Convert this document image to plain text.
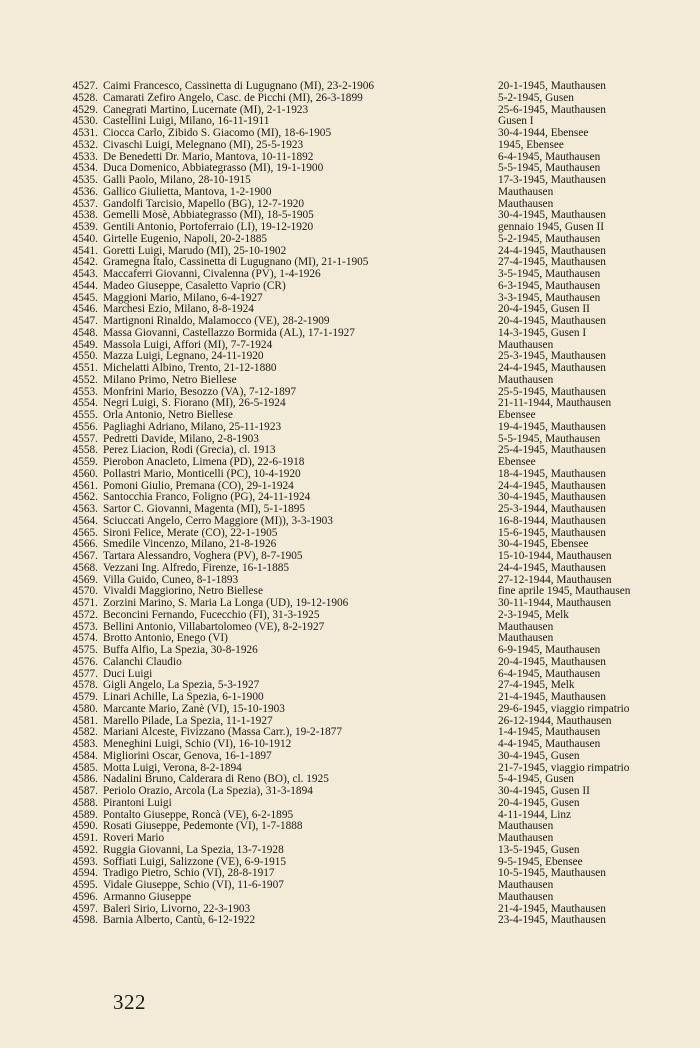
4527. Caimi Francesco, Cassinetta di Lugugnano (MI), 23-2-1906	20-1-1945, Mauthausen
4528. Camarati Zefiro Angelo, Casc. de Picchi (MI), 26-3-1899	5-2-1945, Gusen
4529. Canegrati Martino, Lucernate (MI), 2-1-1923	25-6-1945, Mauthausen
4530. Castellini Luigi, Milano, 16-11-1911	Gusen I
4531. Ciocca Carlo, Zibido S. Giacomo (MI), 18-6-1905	30-4-1944, Ebensee
4532. Civaschi Luigi, Melegnano (MI), 25-5-1923	1945, Ebensee
4533. De Benedetti Dr. Mario, Mantova, 10-11-1892	6-4-1945, Mauthausen
4534. Duca Domenico, Abbiategrasso (MI), 19-1-1900	5-5-1945, Mauthausen
4535. Galli Paolo, Milano, 28-10-1915	17-3-1945, Mauthausen
4536. Gallico Giulietta, Mantova, 1-2-1900	Mauthausen
4537. Gandolfi Tarcisio, Mapello (BG), 12-7-1920	Mauthausen
4538. Gemelli Mosè, Abbiategrasso (MI), 18-5-1905	30-4-1945, Mauthausen
4539. Gentili Antonio, Portoferraio (LI), 19-12-1920	gennaio 1945, Gusen II
4540. Girtelle Eugenio, Napoli, 20-2-1885	5-2-1945, Mauthausen
4541. Goretti Luigi, Marudo (MI), 25-10-1902	24-4-1945, Mauthausen
4542. Gramegna Italo, Cassinetta di Lugugnano (MI), 21-1-1905	27-4-1945, Mauthausen
4543. Maccaferri Giovanni, Civalenna (PV), 1-4-1926	3-5-1945, Mauthausen
4544. Madeo Giuseppe, Casaletto Vaprio (CR)	6-3-1945, Mauthausen
4545. Maggioni Mario, Milano, 6-4-1927	3-3-1945, Mauthausen
4546. Marchesi Ezio, Milano, 8-8-1924	20-4-1945, Gusen II
4547. Martignoni Rinaldo, Malamocco (VE), 28-2-1909	20-4-1945, Mauthausen
4548. Massa Giovanni, Castellazzo Bormida (AL), 17-1-1927	14-3-1945, Gusen I
4549. Massola Luigi, Affori (MI), 7-7-1924	Mauthausen
4550. Mazza Luigi, Legnano, 24-11-1920	25-3-1945, Mauthausen
4551. Michelatti Albino, Trento, 21-12-1880	24-4-1945, Mauthausen
4552. Milano Primo, Netro Biellese	Mauthausen
4553. Monfrini Mario, Besozzo (VA), 7-12-1897	25-5-1945, Mauthausen
4554. Negri Luigi, S. Fiorano (MI), 26-5-1924	21-11-1944, Mauthausen
4555. Orla Antonio, Netro Biellese	Ebensee
4556. Pagliaghi Adriano, Milano, 25-11-1923	19-4-1945, Mauthausen
4557. Pedretti Davide, Milano, 2-8-1903	5-5-1945, Mauthausen
4558. Perez Liacion, Rodi (Grecia), cl. 1913	25-4-1945, Mauthausen
4559. Pierobon Anacleto, Limena (PD), 22-6-1918	Ebensee
4560. Pollastri Mario, Monticelli (PC), 10-4-1920	18-4-1945, Mauthausen
4561. Pomoni Giulio, Premana (CO), 29-1-1924	24-4-1945, Mauthausen
4562. Santocchia Franco, Foligno (PG), 24-11-1924	30-4-1945, Mauthausen
4563. Sartor C. Giovanni, Magenta (MI), 5-1-1895	25-3-1944, Mauthausen
4564. Sciuccati Angelo, Cerro Maggiore (MI)), 3-3-1903	16-8-1944, Mauthausen
4565. Sironi Felice, Merate (CO), 22-1-1905	15-6-1945, Mauthausen
4566. Smedile Vincenzo, Milano, 21-8-1926	30-4-1945, Ebensee
4567. Tartara Alessandro, Voghera (PV), 8-7-1905	15-10-1944, Mauthausen
4568. Vezzani Ing. Alfredo, Firenze, 16-1-1885	24-4-1945, Mauthausen
4569. Villa Guido, Cuneo, 8-1-1893	27-12-1944, Mauthausen
4570. Vivaldi Maggiorino, Netro Biellese	fine aprile 1945, Mauthausen
4571. Zorzini Marino, S. Maria La Longa (UD), 19-12-1906	30-11-1944, Mauthausen
4572. Beconcini Fernando, Fucecchio (FI), 31-3-1925	2-3-1945, Melk
4573. Bellini Antonio, Villabartolomeo (VE), 8-2-1927	Mauthausen
4574. Brotto Antonio, Enego (VI)	Mauthausen
4575. Buffa Alfio, La Spezia, 30-8-1926	6-9-1945, Mauthausen
4576. Calanchi Claudio	20-4-1945, Mauthausen
4577. Duci Luigi	6-4-1945, Mauthausen
4578. Gigli Angelo, La Spezia, 5-3-1927	27-4-1945, Melk
4579. Linari Achille, La Spezia, 6-1-1900	21-4-1945, Mauthausen
4580. Marcante Mario, Zanè (VI), 15-10-1903	29-6-1945, viaggio rimpatrio
4581. Marello Pilade, La Spezia, 11-1-1927	26-12-1944, Mauthausen
4582. Mariani Alceste, Fivizzano (Massa Carr.), 19-2-1877	1-4-1945, Mauthausen
4583. Meneghini Luigi, Schio (VI), 16-10-1912	4-4-1945, Mauthausen
4584. Migliorini Oscar, Genova, 16-1-1897	30-4-1945, Gusen
4585. Motta Luigi, Verona, 8-2-1894	21-7-1945, viaggio rimpatrio
4586. Nadalini Bruno, Calderara di Reno (BO), cl. 1925	5-4-1945, Gusen
4587. Periolo Orazio, Arcola (La Spezia), 31-3-1894	30-4-1945, Gusen II
4588. Pirantoni Luigi	20-4-1945, Gusen
4589. Pontalto Giuseppe, Roncà (VE), 6-2-1895	4-11-1944, Linz
4590. Rosati Giuseppe, Pedemonte (VI), 1-7-1888	Mauthausen
4591. Roveri Mario	Mauthausen
4592. Ruggia Giovanni, La Spezia, 13-7-1928	13-5-1945, Gusen
4593. Soffiati Luigi, Salizzone (VE), 6-9-1915	9-5-1945, Ebensee
4594. Tradigo Pietro, Schio (VI), 28-8-1917	10-5-1945, Mauthausen
4595. Vidale Giuseppe, Schio (VI), 11-6-1907	Mauthausen
4596. Armanno Giuseppe	Mauthausen
4597. Baleri Sirio, Livorno, 22-3-1903	21-4-1945, Mauthausen
4598. Barnia Alberto, Cantù, 6-12-1922	23-4-1945, Mauthausen
322
